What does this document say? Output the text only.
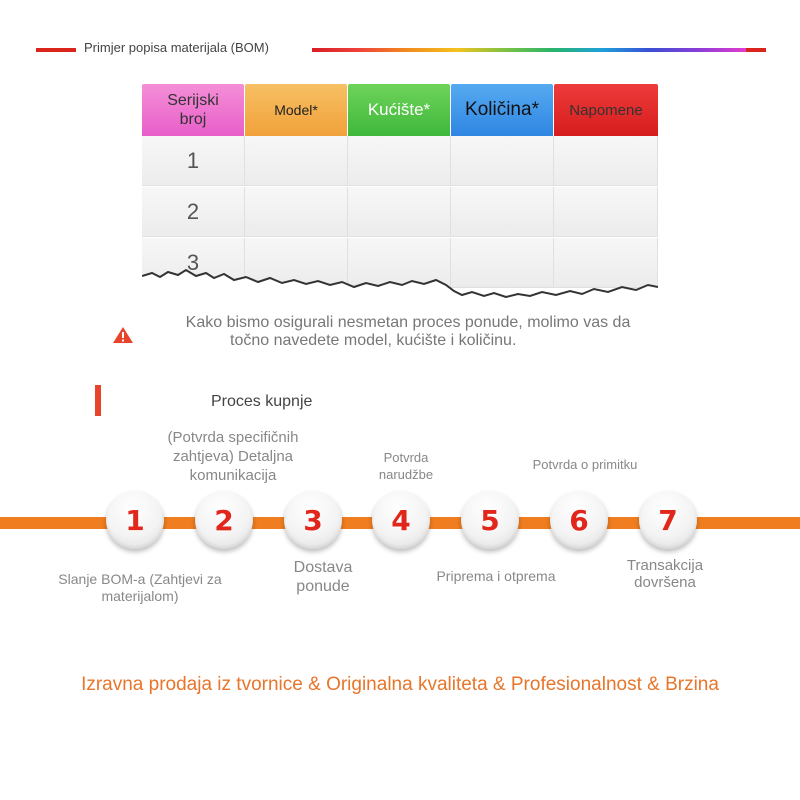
Primjer popisa materijala (BOM)
Serijski broj
Model*	Kućište* Količina* Napomene
1
2
3
Kako bismo osigurali nesmetan proces ponude, molimo vas da
točno navedete model, kućište i količinu.
Proces kupnje
(Potvrda specifičnih zahtjeva) Detaljna komunikacija
Potvrda narudžbe
Potvrda o primitku
1 2 3 4 5 6 7
Slanje BOM-a (Zahtjevi za materijalom)
Dostava ponude
Priprema i otprema
Transakcija dovršena
Izravna prodaja iz tvornice & Originalna kvaliteta & Profesionalnost & Brzina
